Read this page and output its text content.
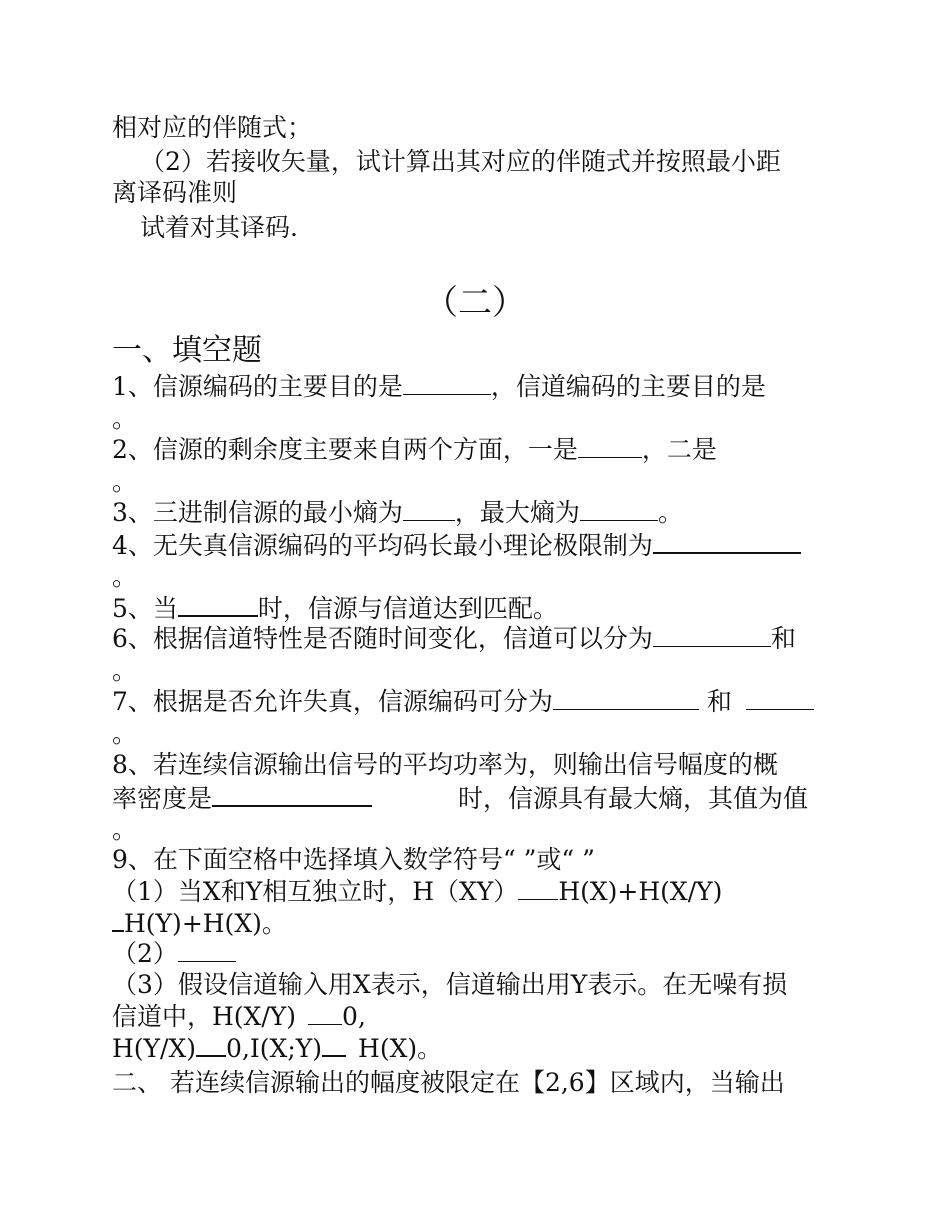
相对应的伴随式；
（2）若接收矢量，试计算出其对应的伴随式并按照最小距
离译码准则
试着对其译码.
（二）
一、填空题
1、信源编码的主要目的是	，信道编码的主要目的是
。
2、信源的剩余度主要来自两个方面，一是	，二是
。
3、三进制信源的最小熵为 ，最大熵为	。
4、无失真信源编码的平均码长最小理论极限制为
。
5、当	时，信源与信道达到匹配。
6、根据信道特性是否随时间变化，信道可以分为	和
。
7、根据是否允许失真，信源编码可分为	和
。
8、若连续信源输出信号的平均功率为，则输出信号幅度的概
率密度是	时，信源具有最大熵，其值为值
。
9、在下面空格中选择填入数学符号“ ”或“ ”
（1）当X和Y相互独立时，H（XY） H(X)+H(X/Y)
H(Y)+H(X)。
（2）
（3）假设信道输入用X表示，信道输出用Y表示。在无噪有损
信道中，H(X/Y) 0,
H(Y/X) 0,I(X;Y) H(X)。
二、 若连续信源输出的幅度被限定在【2,6】区域内，当输出
